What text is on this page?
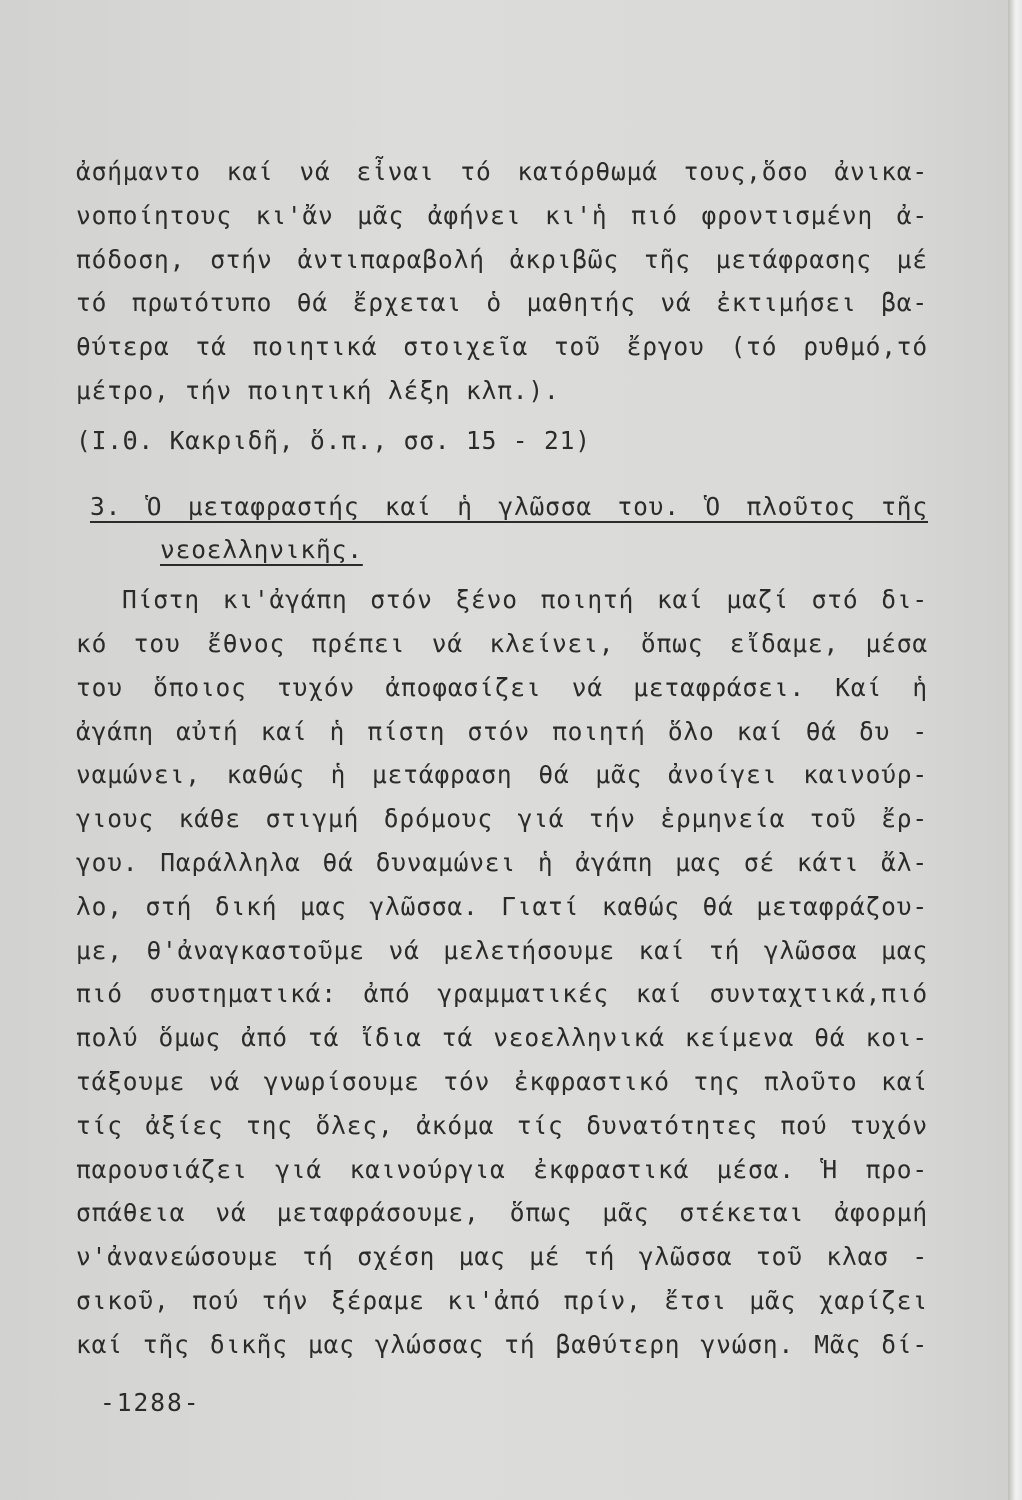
ἀσήμαντο καί νά εἶναι τό κατόρθωμά τους,ὅσο ἀνικα-
νοποίητους κι'ἄν μᾶς ἀφήνει κι'ἡ πιό φροντισμένη ἀ-
πόδοση, στήν ἀντιπαραβολή ἀκριβῶς τῆς μετάφρασης μέ
τό πρωτότυπο θά ἔρχεται ὁ μαθητής νά ἐκτιμήσει βα-
θύτερα τά ποιητικά στοιχεῖα τοῦ ἔργου (τό ρυθμό,τό
μέτρο, τήν ποιητική λέξη κλπ.).
(Ι.Θ. Κακριδῆ, ὅ.π., σσ. 15 - 21)
3. Ὁ μεταφραστής καί ἡ γλῶσσα του. Ὁ πλοῦτος τῆς
νεοελληνικῆς.
Πίστη κι'ἀγάπη στόν ξένο ποιητή καί μαζί στό δι-
κό του ἔθνος πρέπει νά κλείνει, ὅπως εἴδαμε, μέσα
του ὅποιος τυχόν ἀποφασίζει νά μεταφράσει. Καί ἡ
ἀγάπη αὐτή καί ἡ πίστη στόν ποιητή ὅλο καί θά δυ -
ναμώνει, καθώς ἡ μετάφραση θά μᾶς ἀνοίγει καινούρ-
γιους κάθε στιγμή δρόμους γιά τήν ἑρμηνεία τοῦ ἔρ-
γου. Παράλληλα θά δυναμώνει ἡ ἀγάπη μας σέ κάτι ἄλ-
λο, στή δική μας γλῶσσα. Γιατί καθώς θά μεταφράζου-
με, θ'ἀναγκαστοῦμε νά μελετήσουμε καί τή γλῶσσα μας
πιό συστηματικά: ἀπό γραμματικές καί συνταχτικά,πιό
πολύ ὅμως ἀπό τά ἴδια τά νεοελληνικά κείμενα θά κοι-
τάξουμε νά γνωρίσουμε τόν ἐκφραστικό της πλοῦτο καί
τίς ἀξίες της ὅλες, ἀκόμα τίς δυνατότητες πού τυχόν
παρουσιάζει γιά καινούργια ἐκφραστικά μέσα. Ἡ προ-
σπάθεια νά μεταφράσουμε, ὅπως μᾶς στέκεται ἀφορμή
ν'ἀνανεώσουμε τή σχέση μας μέ τή γλῶσσα τοῦ κλασ -
σικοῦ, πού τήν ξέραμε κι'ἀπό πρίν, ἔτσι μᾶς χαρίζει
καί τῆς δικῆς μας γλώσσας τή βαθύτερη γνώση. Μᾶς δί-
-1288-
